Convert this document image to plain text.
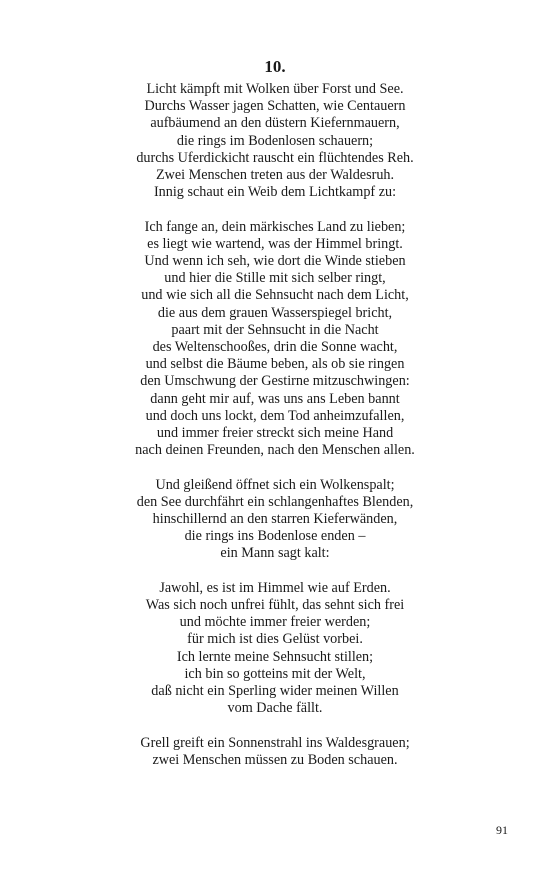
10.
Licht kämpft mit Wolken über Forst und See.
Durchs Wasser jagen Schatten, wie Centauern
aufbäumend an den düstern Kiefernmauern,
die rings im Bodenlosen schauern;
durchs Uferdickicht rauscht ein flüchtendes Reh.
Zwei Menschen treten aus der Waldesruh.
Innig schaut ein Weib dem Lichtkampf zu:
Ich fange an, dein märkisches Land zu lieben;
es liegt wie wartend, was der Himmel bringt.
Und wenn ich seh, wie dort die Winde stieben
und hier die Stille mit sich selber ringt,
und wie sich all die Sehnsucht nach dem Licht,
die aus dem grauen Wasserspiegel bricht,
paart mit der Sehnsucht in die Nacht
des Weltenschooßes, drin die Sonne wacht,
und selbst die Bäume beben, als ob sie ringen
den Umschwung der Gestirne mitzuschwingen:
dann geht mir auf, was uns ans Leben bannt
und doch uns lockt, dem Tod anheimzufallen,
und immer freier streckt sich meine Hand
nach deinen Freunden, nach den Menschen allen.
Und gleißend öffnet sich ein Wolkenspalt;
den See durchfährt ein schlangenhaftes Blenden,
hinschillernd an den starren Kieferwänden,
die rings ins Bodenlose enden –
ein Mann sagt kalt:
Jawohl, es ist im Himmel wie auf Erden.
Was sich noch unfrei fühlt, das sehnt sich frei
und möchte immer freier werden;
für mich ist dies Gelüst vorbei.
Ich lernte meine Sehnsucht stillen;
ich bin so gotteins mit der Welt,
daß nicht ein Sperling wider meinen Willen
vom Dache fällt.
Grell greift ein Sonnenstrahl ins Waldesgrauen;
zwei Menschen müssen zu Boden schauen.
91
